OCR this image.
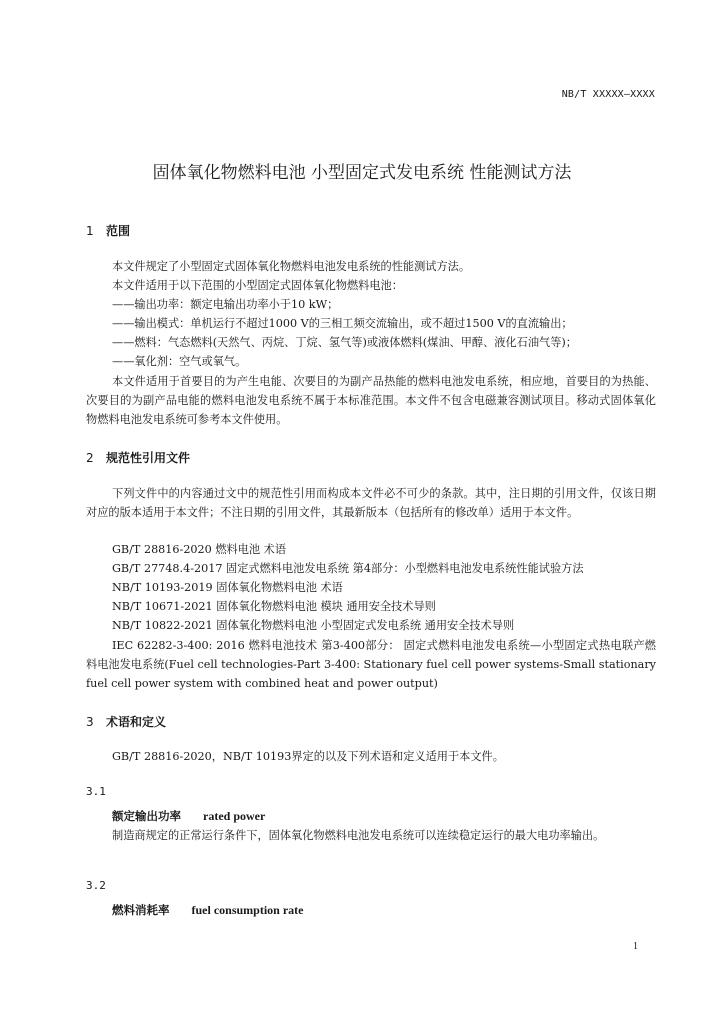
NB/T XXXXX—XXXX
固体氧化物燃料电池 小型固定式发电系统 性能测试方法
1 范围
本文件规定了小型固定式固体氧化物燃料电池发电系统的性能测试方法。
本文件适用于以下范围的小型固定式固体氧化物燃料电池：
——输出功率：额定电输出功率小于10 kW；
——输出模式：单机运行不超过1000 V的三相工频交流输出，或不超过1500 V的直流输出；
——燃料：气态燃料(天然气、丙烷、丁烷、氢气等)或液体燃料(煤油、甲醇、液化石油气等)；
——氧化剂：空气或氧气。
本文件适用于首要目的为产生电能、次要目的为副产品热能的燃料电池发电系统，相应地，首要目的为热能、次要目的为副产品电能的燃料电池发电系统不属于本标准范围。本文件不包含电磁兼容测试项目。移动式固体氧化物燃料电池发电系统可参考本文件使用。
2 规范性引用文件
下列文件中的内容通过文中的规范性引用而构成本文件必不可少的条款。其中，注日期的引用文件，仅该日期对应的版本适用于本文件；不注日期的引用文件，其最新版本（包括所有的修改单）适用于本文件。
GB/T 28816-2020 燃料电池 术语
GB/T 27748.4-2017 固定式燃料电池发电系统 第4部分：小型燃料电池发电系统性能试验方法
NB/T 10193-2019 固体氧化物燃料电池 术语
NB/T 10671-2021 固体氧化物燃料电池 模块 通用安全技术导则
NB/T 10822-2021 固体氧化物燃料电池 小型固定式发电系统 通用安全技术导则
IEC 62282-3-400: 2016 燃料电池技术 第3-400部分： 固定式燃料电池发电系统—小型固定式热电联产燃料电池发电系统(Fuel cell technologies-Part 3-400: Stationary fuel cell power systems-Small stationary fuel cell power system with combined heat and power output)
3 术语和定义
GB/T 28816-2020，NB/T 10193界定的以及下列术语和定义适用于本文件。
3.1
额定输出功率 rated power
制造商规定的正常运行条件下，固体氧化物燃料电池发电系统可以连续稳定运行的最大电功率输出。
3.2
燃料消耗率 fuel consumption rate
1
